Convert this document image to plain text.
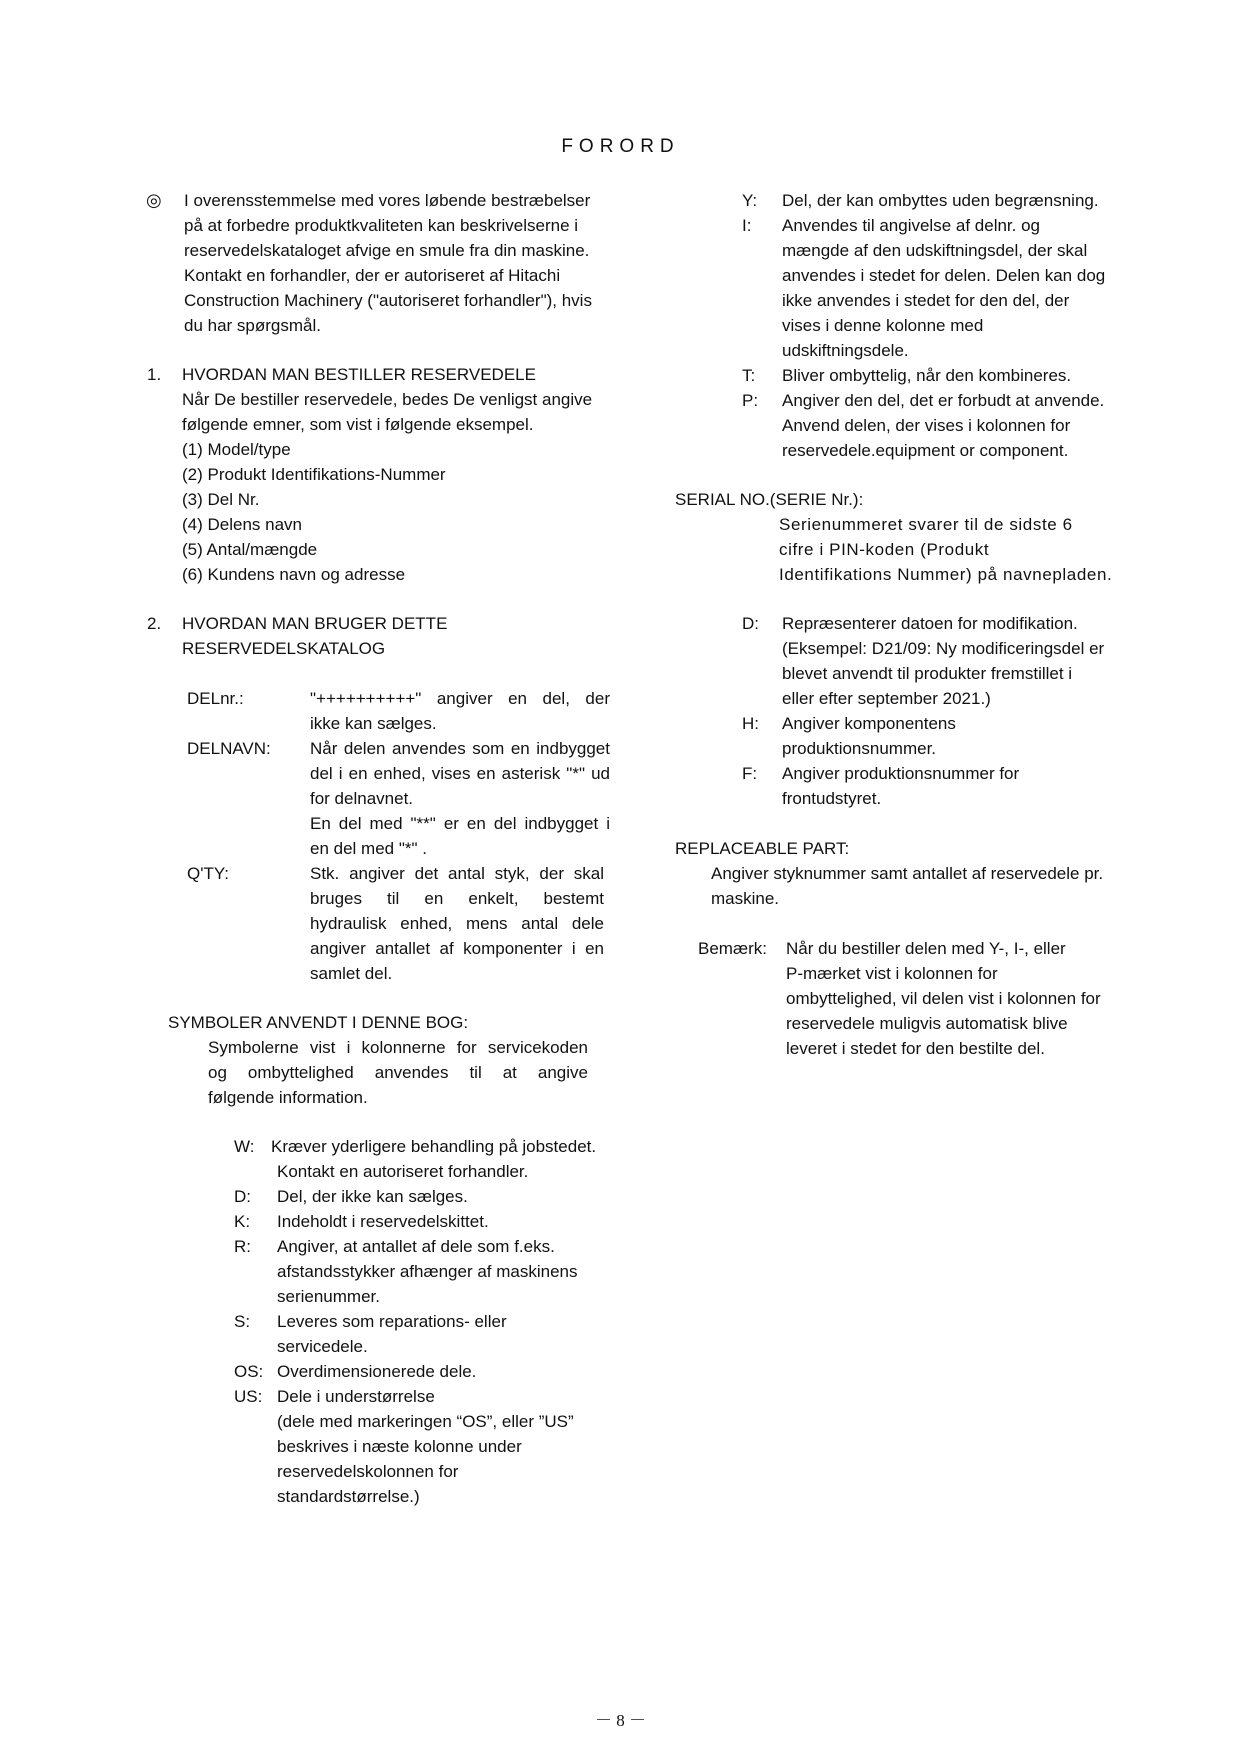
FORORD
◎ I overensstemmelse med vores løbende bestræbelser
på at forbedre produktkvaliteten kan beskrivelserne i
reservedelskataloget afvige en smule fra din maskine.
Kontakt en forhandler, der er autoriseret af Hitachi
Construction Machinery ("autoriseret forhandler"), hvis
du har spørgsmål.
1. HVORDAN MAN BESTILLER RESERVEDELE
Når De bestiller reservedele, bedes De venligst angive
følgende emner, som vist i følgende eksempel.
(1) Model/type
(2) Produkt Identifikations-Nummer
(3) Del Nr.
(4) Delens navn
(5) Antal/mængde
(6) Kundens navn og adresse
2. HVORDAN MAN BRUGER DETTE
RESERVEDELSKATALOG
DELnr.:	"++++++++++" angiver en del, der
ikke kan sælges.
DELNAVN: Når delen anvendes som en indbygget
del i en enhed, vises en asterisk "*" ud
for delnavnet.
En del med "**" er en del indbygget i
en del med "*" .
Q'TY:	Stk. angiver det antal styk, der skal
bruges til en enkelt, bestemt
hydraulisk enhed, mens antal dele
angiver antallet af komponenter i en
samlet del.
SYMBOLER ANVENDT I DENNE BOG:
Symbolerne vist i kolonnerne for servicekoden
og ombyttelighed anvendes til at angive
følgende information.
W: Kræver yderligere behandling på jobstedet.
Kontakt en autoriseret forhandler.
D: Del, der ikke kan sælges.
K: Indeholdt i reservedelskittet.
R: Angiver, at antallet af dele som f.eks.
afstandsstykker afhænger af maskinens
serienummer.
S: Leveres som reparations- eller
servicedele.
OS: Overdimensionerede dele.
US: Dele i understørrelse
(dele med markeringen “OS”, eller ”US”
beskrives i næste kolonne under
reservedelskolonnen for
standardstørrelse.)
Y: Del, der kan ombyttes uden begrænsning.
I: Anvendes til angivelse af delnr. og
mængde af den udskiftningsdel, der skal
anvendes i stedet for delen. Delen kan dog
ikke anvendes i stedet for den del, der
vises i denne kolonne med
udskiftningsdele.
T: Bliver ombyttelig, når den kombineres.
P: Angiver den del, det er forbudt at anvende.
Anvend delen, der vises i kolonnen for
reservedele.equipment or component.
SERIAL NO.(SERIE Nr.):
Serienummeret svarer til de sidste 6
cifre i PIN-koden (Produkt
Identifikations Nummer) på navnepladen.
D: Repræsenterer datoen for modifikation.
(Eksempel: D21/09: Ny modificeringsdel er
blevet anvendt til produkter fremstillet i
eller efter september 2021.)
H: Angiver komponentens
produktionsnummer.
F: Angiver produktionsnummer for
frontudstyret.
REPLACEABLE PART:
Angiver styknummer samt antallet af reservedele pr.
maskine.
Bemærk: Når du bestiller delen med Y-, I-, eller
P-mærket vist i kolonnen for
ombyttelighed, vil delen vist i kolonnen for
reservedele muligvis automatisk blive
leveret i stedet for den bestilte del.
－ 8 －
